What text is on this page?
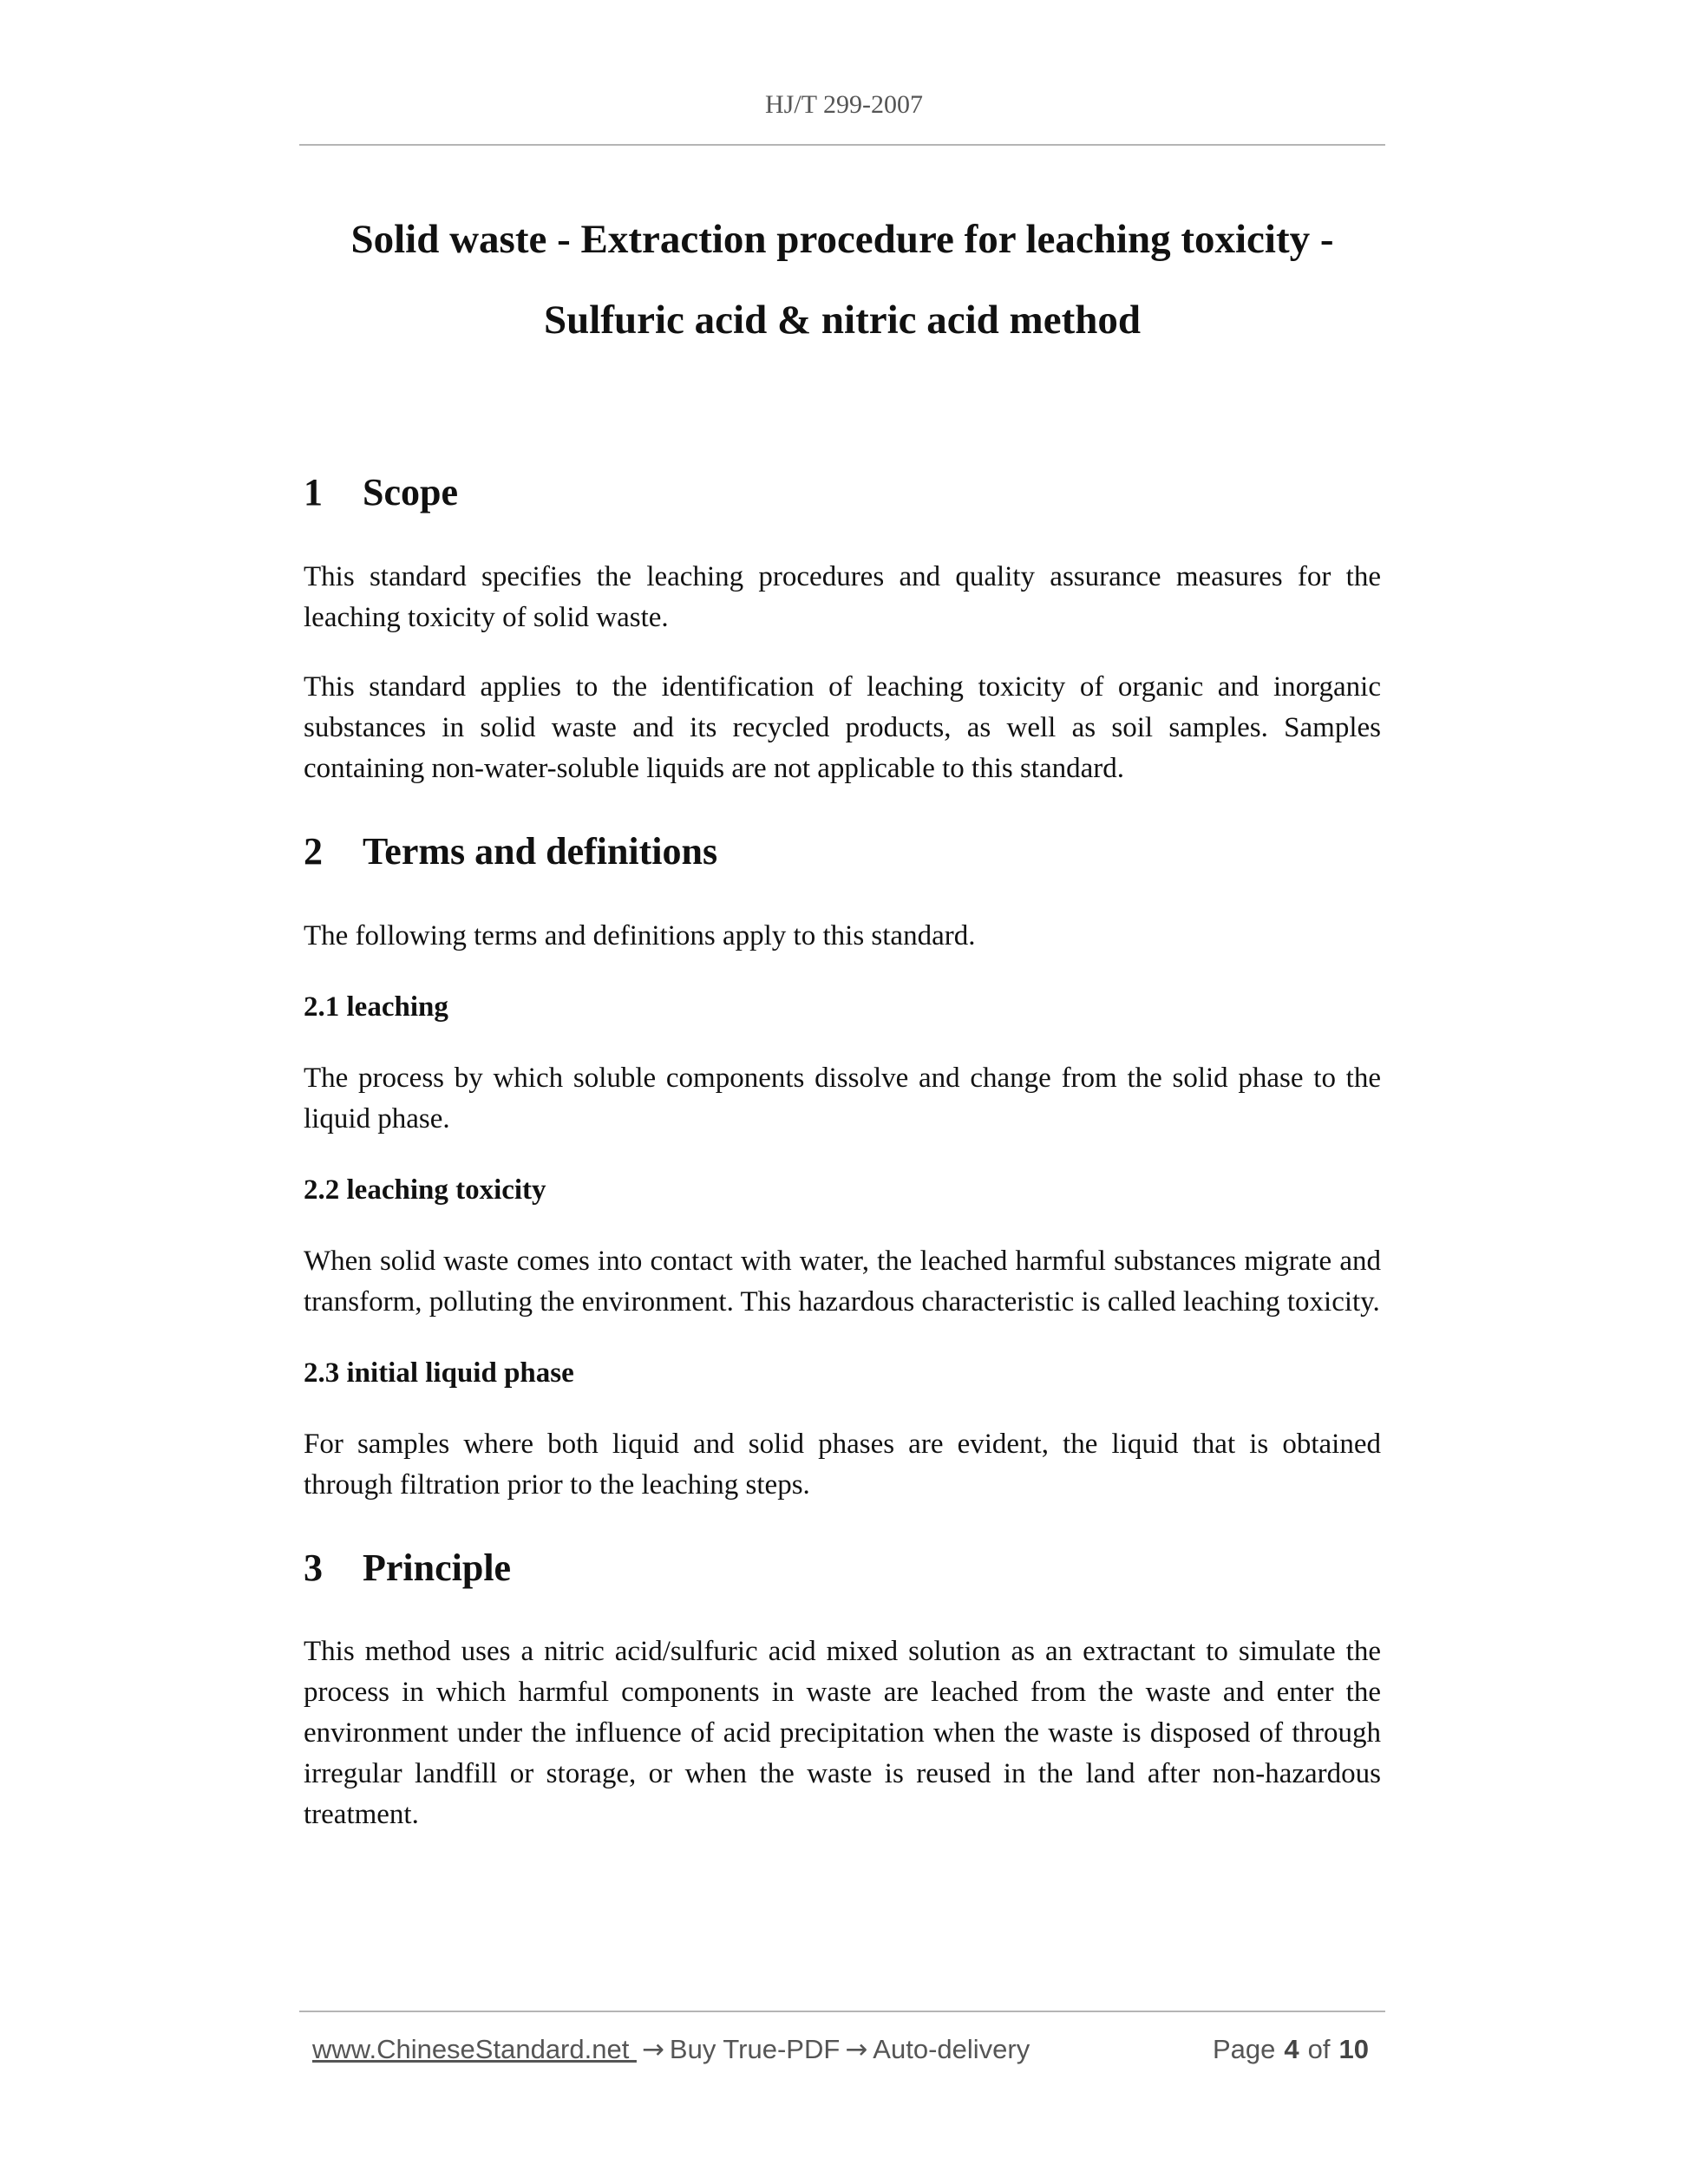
HJ/T 299-2007

Solid waste - Extraction procedure for leaching toxicity -

Sulfuric acid & nitric acid method

1	Scope

This standard specifies the leaching procedures and quality assurance measures for the leaching toxicity of solid waste.

This standard applies to the identification of leaching toxicity of organic and inorganic substances in solid waste and its recycled products, as well as soil samples. Samples containing non-water-soluble liquids are not applicable to this standard.

2	Terms and definitions

The following terms and definitions apply to this standard.

2.1 leaching

The process by which soluble components dissolve and change from the solid phase to the liquid phase.

2.2 leaching toxicity

When solid waste comes into contact with water, the leached harmful substances migrate and transform, polluting the environment. This hazardous characteristic is called leaching toxicity.

2.3 initial liquid phase

For samples where both liquid and solid phases are evident, the liquid that is obtained through filtration prior to the leaching steps.

3	Principle

This method uses a nitric acid/sulfuric acid mixed solution as an extractant to simulate the process in which harmful components in waste are leached from the waste and enter the environment under the influence of acid precipitation when the waste is disposed of through irregular landfill or storage, or when the waste is reused in the land after non-hazardous treatment.

www.ChineseStandard.net → Buy True-PDF → Auto-delivery	Page 4 of 10
